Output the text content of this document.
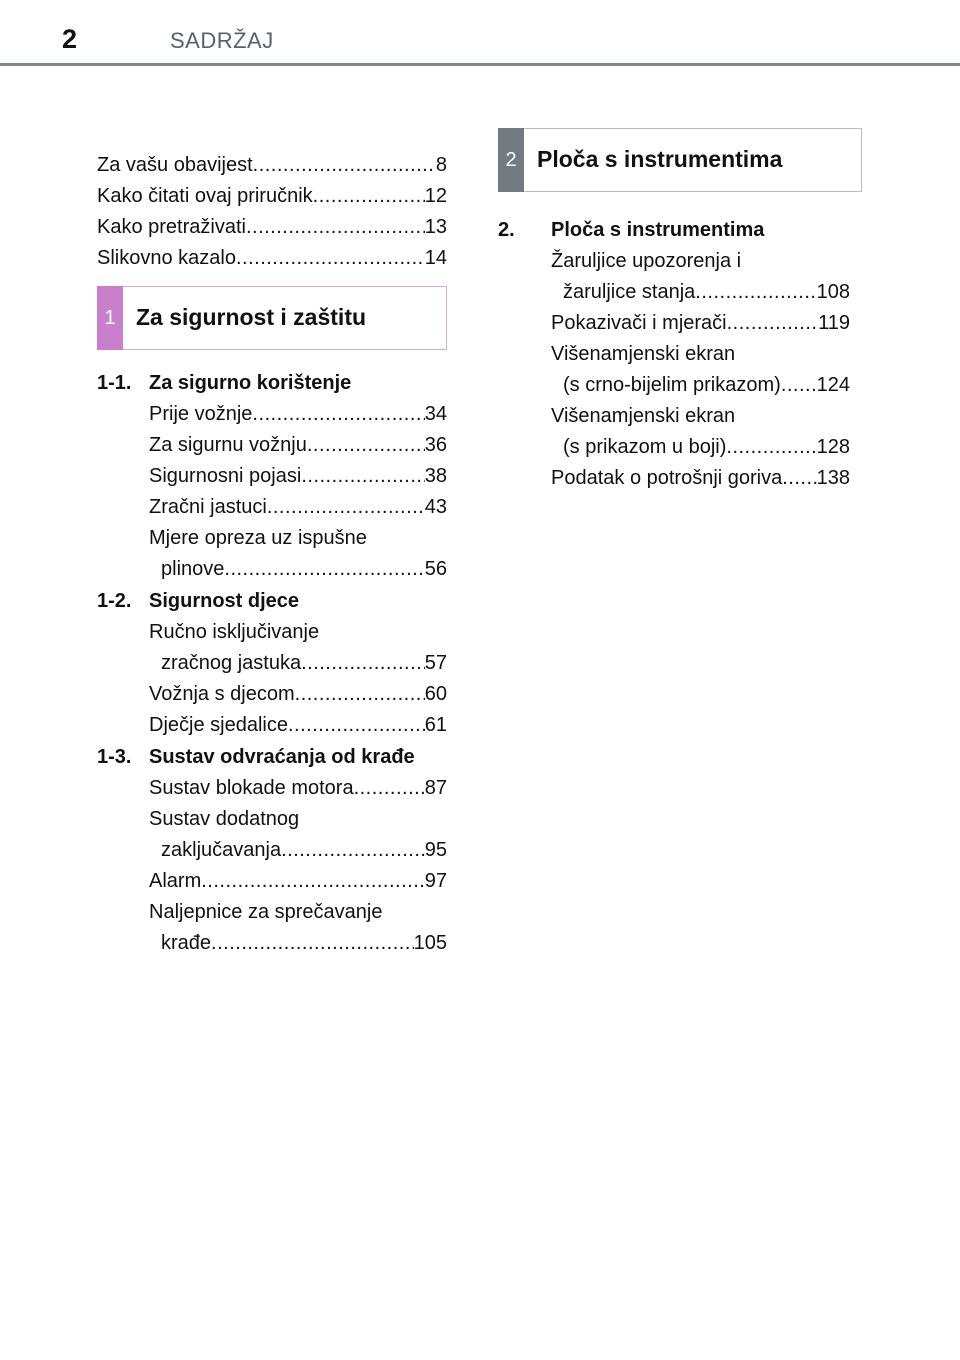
2	SADRŽAJ
Za vašu obavijest .....	8
Kako čitati ovaj priručnik .....	12
Kako pretraživati .....	13
Slikovno kazalo .....	14
1 Za sigurnost i zaštitu
1-1. Za sigurno korištenje
Prije vožnje .....	34
Za sigurnu vožnju .....	36
Sigurnosni pojasi .....	38
Zračni jastuci .....	43
Mjere opreza uz ispušne
plinove .....	56
1-2. Sigurnost djece
Ručno isključivanje
zračnog jastuka .....	57
Vožnja s djecom .....	60
Dječje sjedalice .....	61
1-3. Sustav odvraćanja od krađe
Sustav blokade motora .....	87
Sustav dodatnog
zaključavanja .....	95
Alarm .....	97
Naljepnice za sprečavanje
krađe .....	105
2 Ploča s instrumentima
2.	Ploča s instrumentima
Žaruljice upozorenja i
žaruljice stanja .....	108
Pokazivači i mjerači .....	119
Višenamjenski ekran
(s crno-bijelim prikazom) ..... 124
Višenamjenski ekran
(s prikazom u boji) .....	128
Podatak o potrošnji goriva ..... 138
